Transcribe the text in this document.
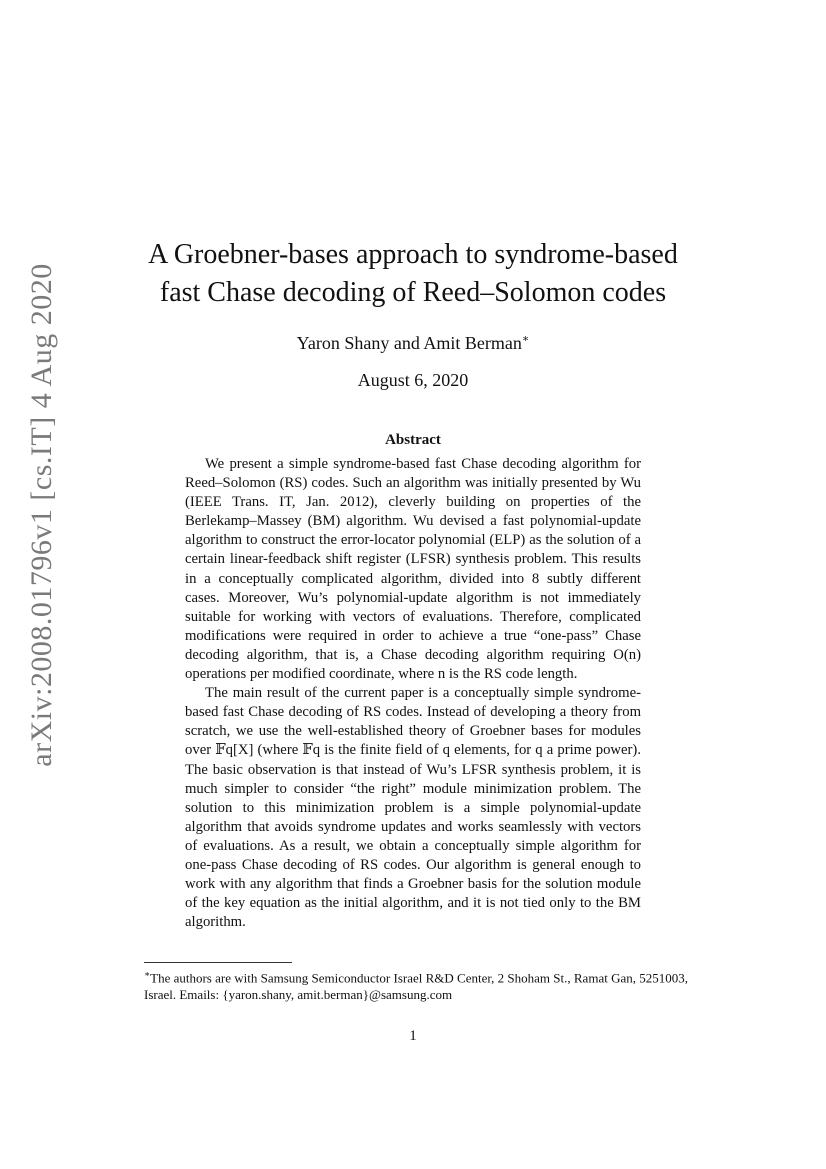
arXiv:2008.01796v1 [cs.IT] 4 Aug 2020
A Groebner-bases approach to syndrome-based
fast Chase decoding of Reed–Solomon codes
Yaron Shany and Amit Berman∗
August 6, 2020
Abstract

We present a simple syndrome-based fast Chase decoding algorithm for Reed–Solomon (RS) codes. Such an algorithm was initially presented by Wu (IEEE Trans. IT, Jan. 2012), cleverly building on properties of the Berlekamp–Massey (BM) algorithm. Wu devised a fast polynomial-update algorithm to construct the error-locator polynomial (ELP) as the solution of a certain linear-feedback shift register (LFSR) synthesis problem. This results in a conceptually complicated algorithm, divided into 8 subtly different cases. Moreover, Wu’s polynomial-update algorithm is not immediately suitable for working with vectors of evaluations. Therefore, complicated modifications were required in order to achieve a true “one-pass” Chase decoding algorithm, that is, a Chase decoding algorithm requiring O(n) operations per modified coordinate, where n is the RS code length.

The main result of the current paper is a conceptually simple syndrome-based fast Chase decoding of RS codes. Instead of developing a theory from scratch, we use the well-established theory of Groebner bases for modules over 𝔽q[X] (where 𝔽q is the finite field of q elements, for q a prime power). The basic observation is that instead of Wu’s LFSR synthesis problem, it is much simpler to consider “the right” module minimization problem. The solution to this minimization problem is a simple polynomial-update algorithm that avoids syndrome updates and works seamlessly with vectors of evaluations. As a result, we obtain a conceptually simple algorithm for one-pass Chase decoding of RS codes. Our algorithm is general enough to work with any algorithm that finds a Groebner basis for the solution module of the key equation as the initial algorithm, and it is not tied only to the BM algorithm.

∗The authors are with Samsung Semiconductor Israel R&D Center, 2 Shoham St., Ramat Gan, 5251003, Israel. Emails: {yaron.shany, amit.berman}@samsung.com
1
